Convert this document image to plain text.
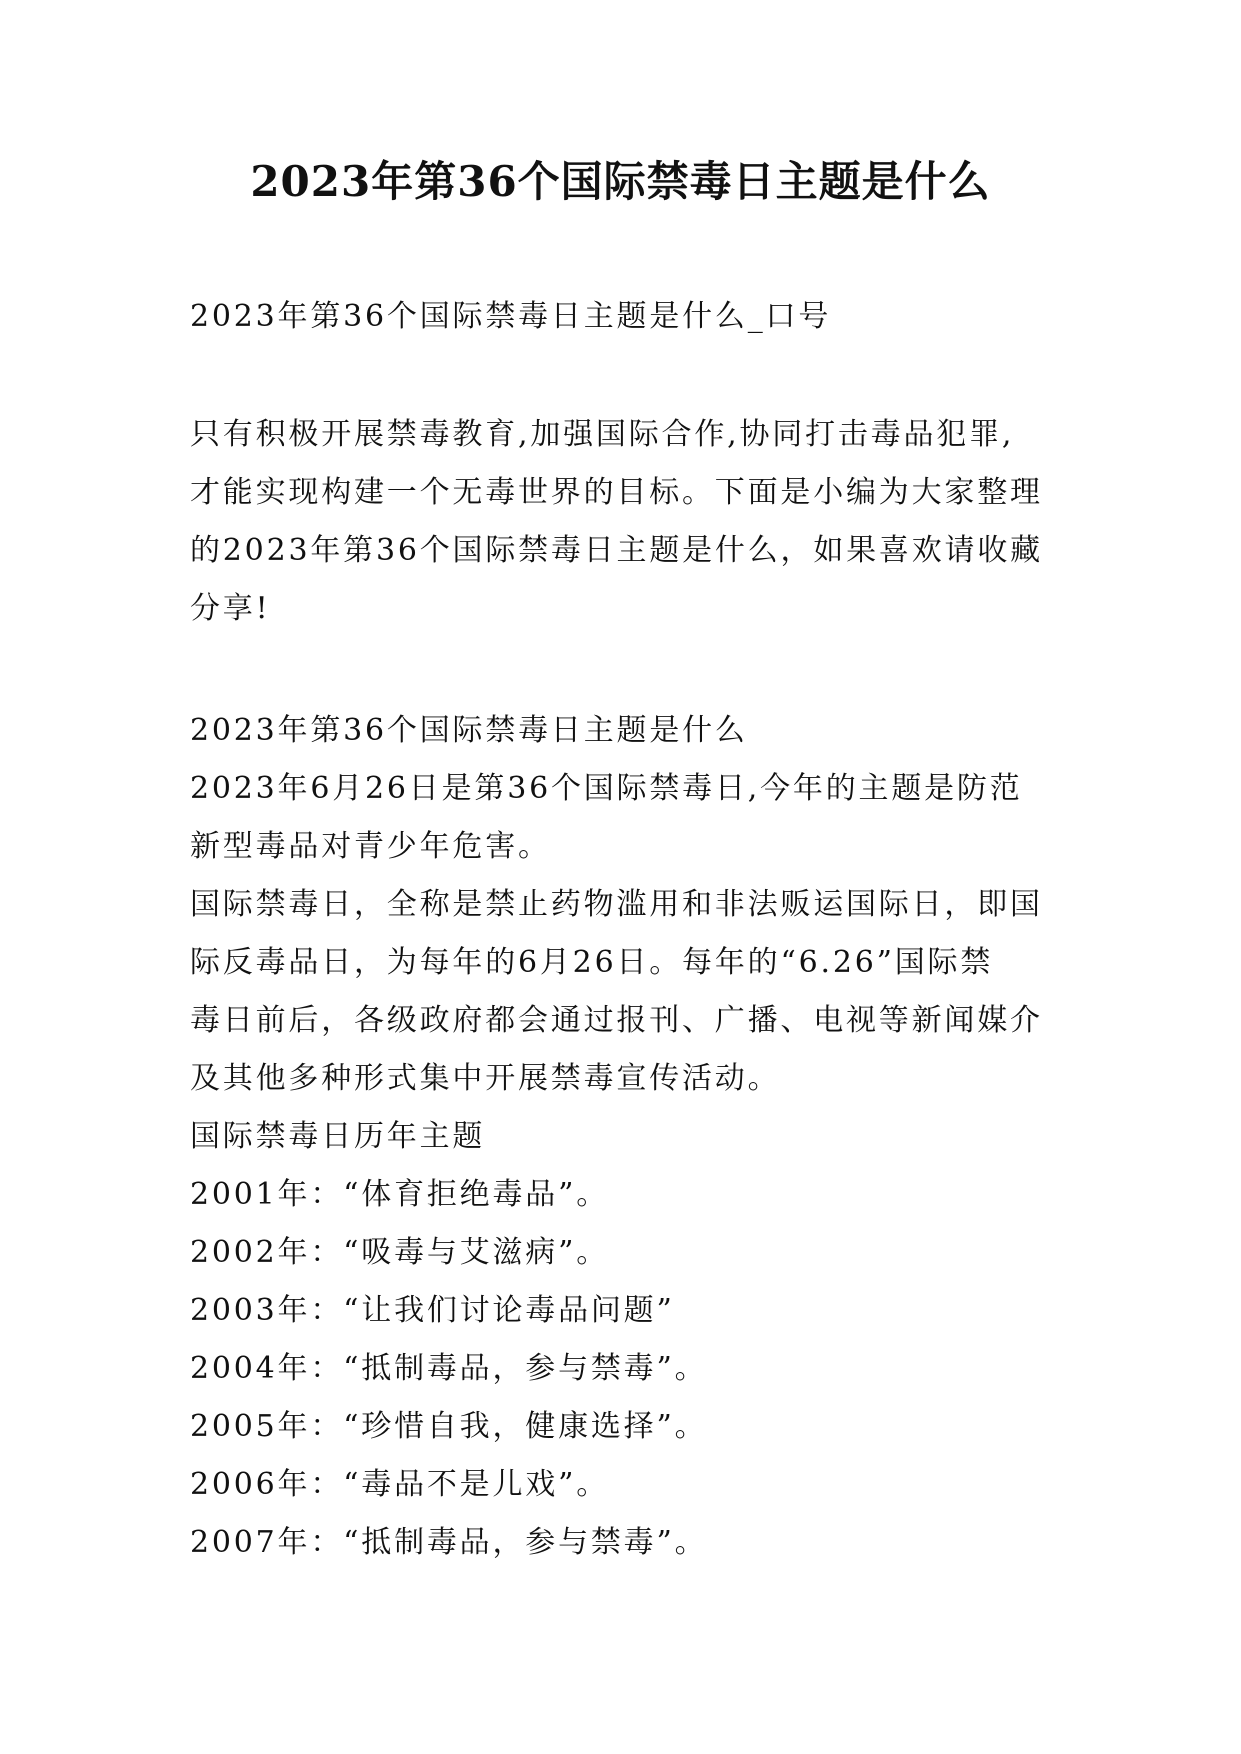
2023年第36个国际禁毒日主题是什么
2023年第36个国际禁毒日主题是什么_口号
只有积极开展禁毒教育,加强国际合作,协同打击毒品犯罪,
才能实现构建一个无毒世界的目标。下面是小编为大家整理
的2023年第36个国际禁毒日主题是什么，如果喜欢请收藏
分享!
2023年第36个国际禁毒日主题是什么
2023年6月26日是第36个国际禁毒日,今年的主题是防范
新型毒品对青少年危害。
国际禁毒日，全称是禁止药物滥用和非法贩运国际日，即国
际反毒品日，为每年的6月26日。每年的“6.26”国际禁
毒日前后，各级政府都会通过报刊、广播、电视等新闻媒介
及其他多种形式集中开展禁毒宣传活动。
国际禁毒日历年主题
2001年：“体育拒绝毒品”。
2002年：“吸毒与艾滋病”。
2003年：“让我们讨论毒品问题”
2004年：“抵制毒品，参与禁毒”。
2005年：“珍惜自我，健康选择”。
2006年：“毒品不是儿戏”。
2007年：“抵制毒品，参与禁毒”。
